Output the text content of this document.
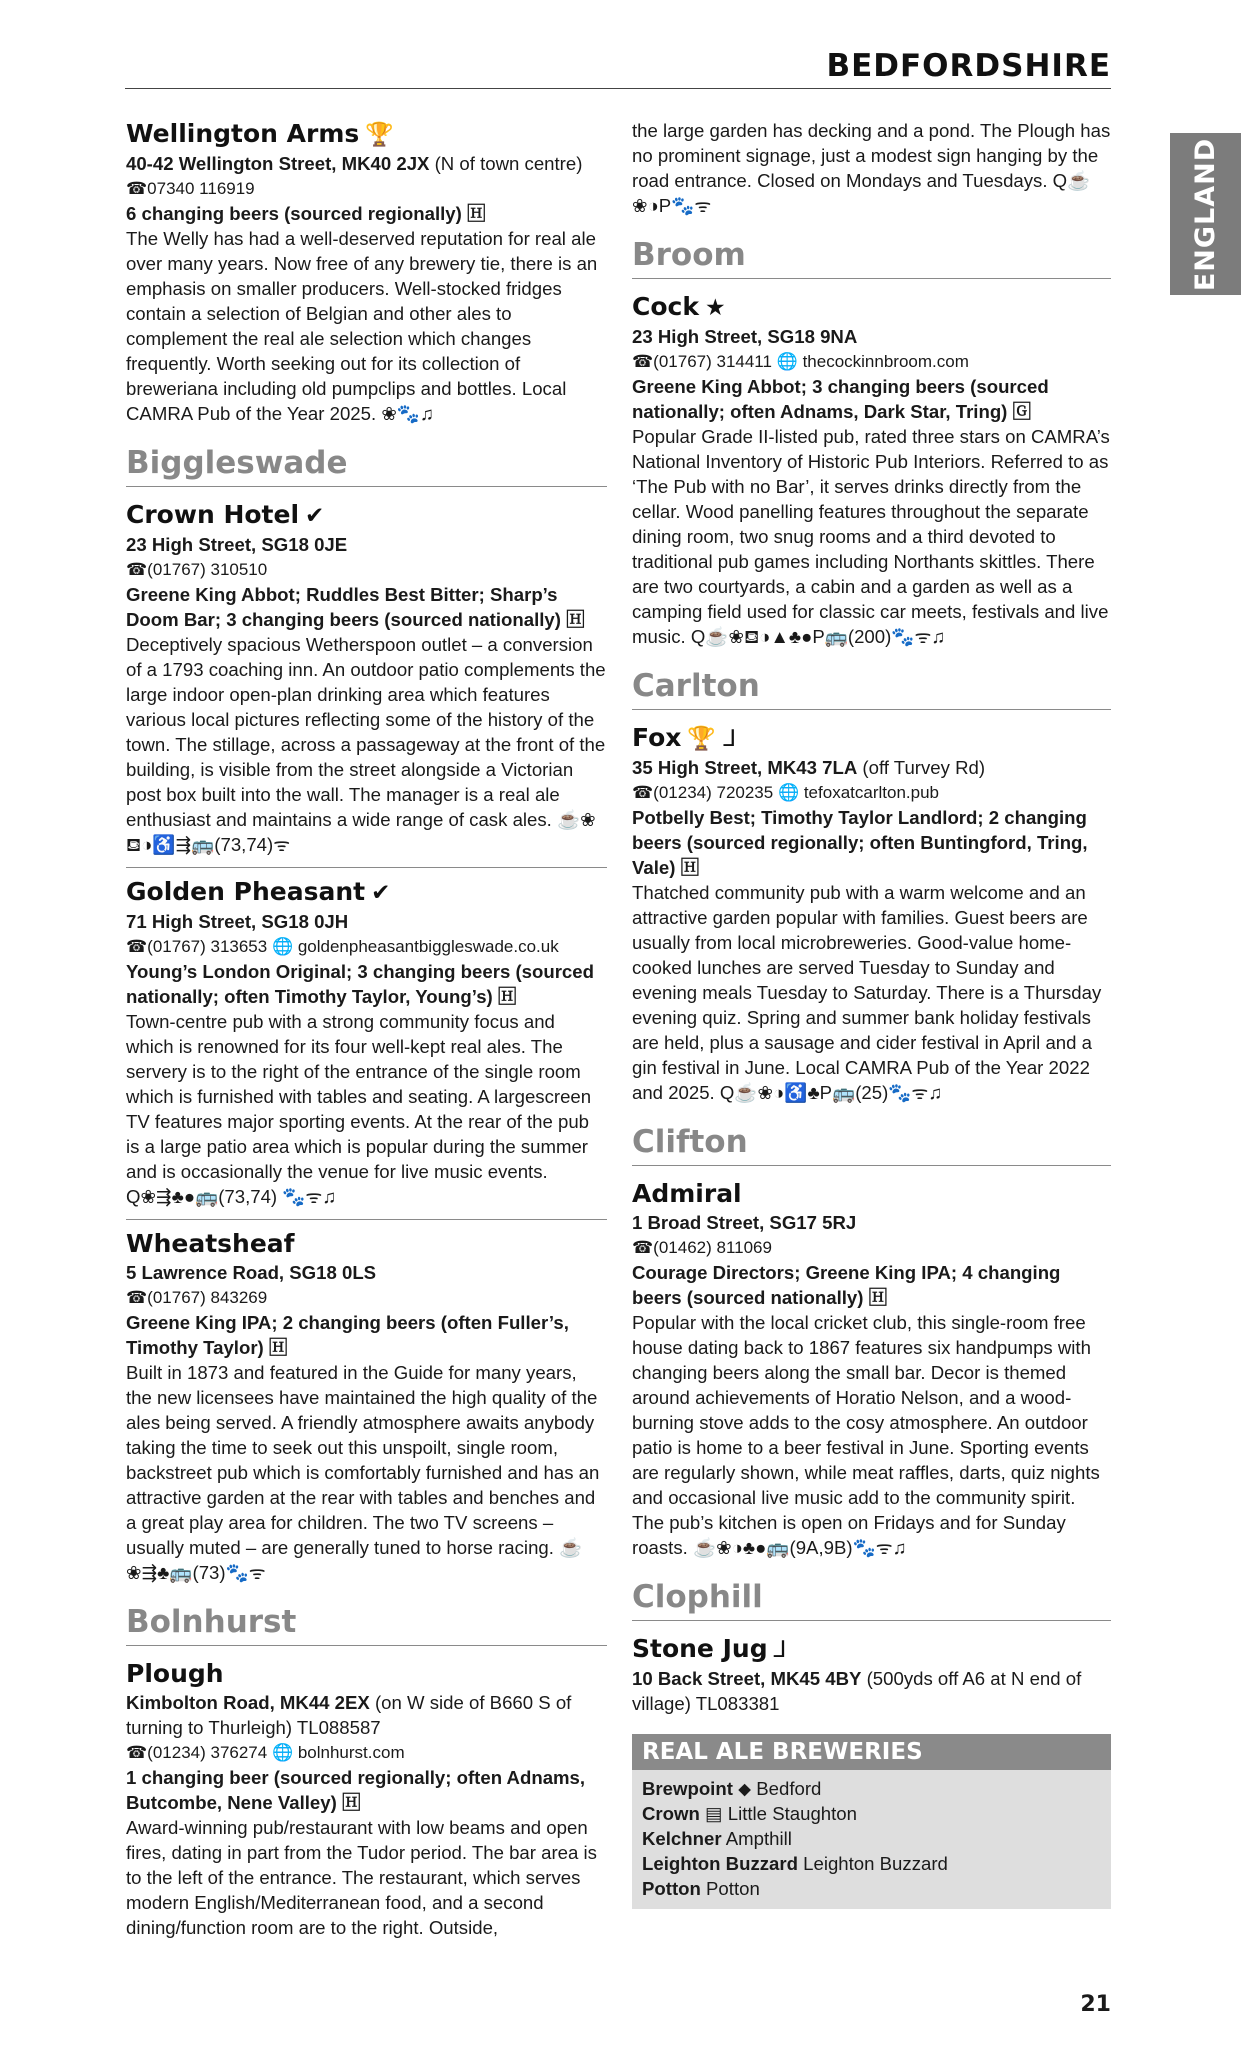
BEDFORDSHIRE
ENGLAND
Wellington Arms 🏆
40-42 Wellington Street, MK40 2JX (N of town centre)
☎07340 116919
6 changing beers (sourced regionally) 🄷
The Welly has had a well-deserved reputation for real ale over many years. Now free of any brewery tie, there is an emphasis on smaller producers. Well-stocked fridges contain a selection of Belgian and other ales to complement the real ale selection which changes frequently. Worth seeking out for its collection of breweriana including old pumpclips and bottles. Local CAMRA Pub of the Year 2025. ❀🐾♫
Biggleswade
Crown Hotel ✔
23 High Street, SG18 0JE
☎(01767) 310510
Greene King Abbot; Ruddles Best Bitter; Sharp’s Doom Bar; 3 changing beers (sourced nationally) 🄷
Deceptively spacious Wetherspoon outlet – a conversion of a 1793 coaching inn. An outdoor patio complements the large indoor open-plan drinking area which features various local pictures reflecting some of the history of the town. The stillage, across a passageway at the front of the building, is visible from the street alongside a Victorian post box built into the wall. The manager is a real ale enthusiast and maintains a wide range of cask ales. ☕❀⛾◑♿⇶🚌(73,74)ᯤ
Golden Pheasant ✔
71 High Street, SG18 0JH
☎(01767) 313653 🌐 goldenpheasantbiggleswade.co.uk
Young’s London Original; 3 changing beers (sourced nationally; often Timothy Taylor, Young’s) 🄷
Town-centre pub with a strong community focus and which is renowned for its four well-kept real ales. The servery is to the right of the entrance of the single room which is furnished with tables and seating. A largescreen TV features major sporting events. At the rear of the pub is a large patio area which is popular during the summer and is occasionally the venue for live music events. Q❀⇶♣●🚌(73,74) 🐾ᯤ♫
Wheatsheaf
5 Lawrence Road, SG18 0LS
☎(01767) 843269
Greene King IPA; 2 changing beers (often Fuller’s, Timothy Taylor) 🄷
Built in 1873 and featured in the Guide for many years, the new licensees have maintained the high quality of the ales being served. A friendly atmosphere awaits anybody taking the time to seek out this unspoilt, single room, backstreet pub which is comfortably furnished and has an attractive garden at the rear with tables and benches and a great play area for children. The two TV screens – usually muted – are generally tuned to horse racing. ☕❀⇶♣🚌(73)🐾ᯤ
Bolnhurst
Plough
Kimbolton Road, MK44 2EX (on W side of B660 S of turning to Thurleigh) TL088587
☎(01234) 376274 🌐 bolnhurst.com
1 changing beer (sourced regionally; often Adnams, Butcombe, Nene Valley) 🄷
Award-winning pub/restaurant with low beams and open fires, dating in part from the Tudor period. The bar area is to the left of the entrance. The restaurant, which serves modern English/Mediterranean food, and a second dining/function room are to the right. Outside,
the large garden has decking and a pond. The Plough has no prominent signage, just a modest sign hanging by the road entrance. Closed on Mondays and Tuesdays. Q☕❀◑P🐾ᯤ
Broom
Cock ★
23 High Street, SG18 9NA
☎(01767) 314411 🌐 thecockinnbroom.com
Greene King Abbot; 3 changing beers (sourced nationally; often Adnams, Dark Star, Tring) 🄶
Popular Grade II-listed pub, rated three stars on CAMRA’s National Inventory of Historic Pub Interiors. Referred to as ‘The Pub with no Bar’, it serves drinks directly from the cellar. Wood panelling features throughout the separate dining room, two snug rooms and a third devoted to traditional pub games including Northants skittles. There are two courtyards, a cabin and a garden as well as a camping field used for classic car meets, festivals and live music. Q☕❀⛾◑▲♣●P🚌(200)🐾ᯤ♫
Carlton
Fox 🏆 ⅃
35 High Street, MK43 7LA (off Turvey Rd)
☎(01234) 720235 🌐 tefoxatcarlton.pub
Potbelly Best; Timothy Taylor Landlord; 2 changing beers (sourced regionally; often Buntingford, Tring, Vale) 🄷
Thatched community pub with a warm welcome and an attractive garden popular with families. Guest beers are usually from local microbreweries. Good-value home-cooked lunches are served Tuesday to Sunday and evening meals Tuesday to Saturday. There is a Thursday evening quiz. Spring and summer bank holiday festivals are held, plus a sausage and cider festival in April and a gin festival in June. Local CAMRA Pub of the Year 2022 and 2025. Q☕❀◑♿♣P🚌(25)🐾ᯤ♫
Clifton
Admiral
1 Broad Street, SG17 5RJ
☎(01462) 811069
Courage Directors; Greene King IPA; 4 changing beers (sourced nationally) 🄷
Popular with the local cricket club, this single-room free house dating back to 1867 features six handpumps with changing beers along the small bar. Decor is themed around achievements of Horatio Nelson, and a wood-burning stove adds to the cosy atmosphere. An outdoor patio is home to a beer festival in June. Sporting events are regularly shown, while meat raffles, darts, quiz nights and occasional live music add to the community spirit. The pub’s kitchen is open on Fridays and for Sunday roasts. ☕❀◑♣●🚌(9A,9B)🐾ᯤ♫
Clophill
Stone Jug ⅃
10 Back Street, MK45 4BY (500yds off A6 at N end of village) TL083381
REAL ALE BREWERIES
Brewpoint ⬥ Bedford
Crown ▤ Little Staughton
Kelchner Ampthill
Leighton Buzzard Leighton Buzzard
Potton Potton
21
